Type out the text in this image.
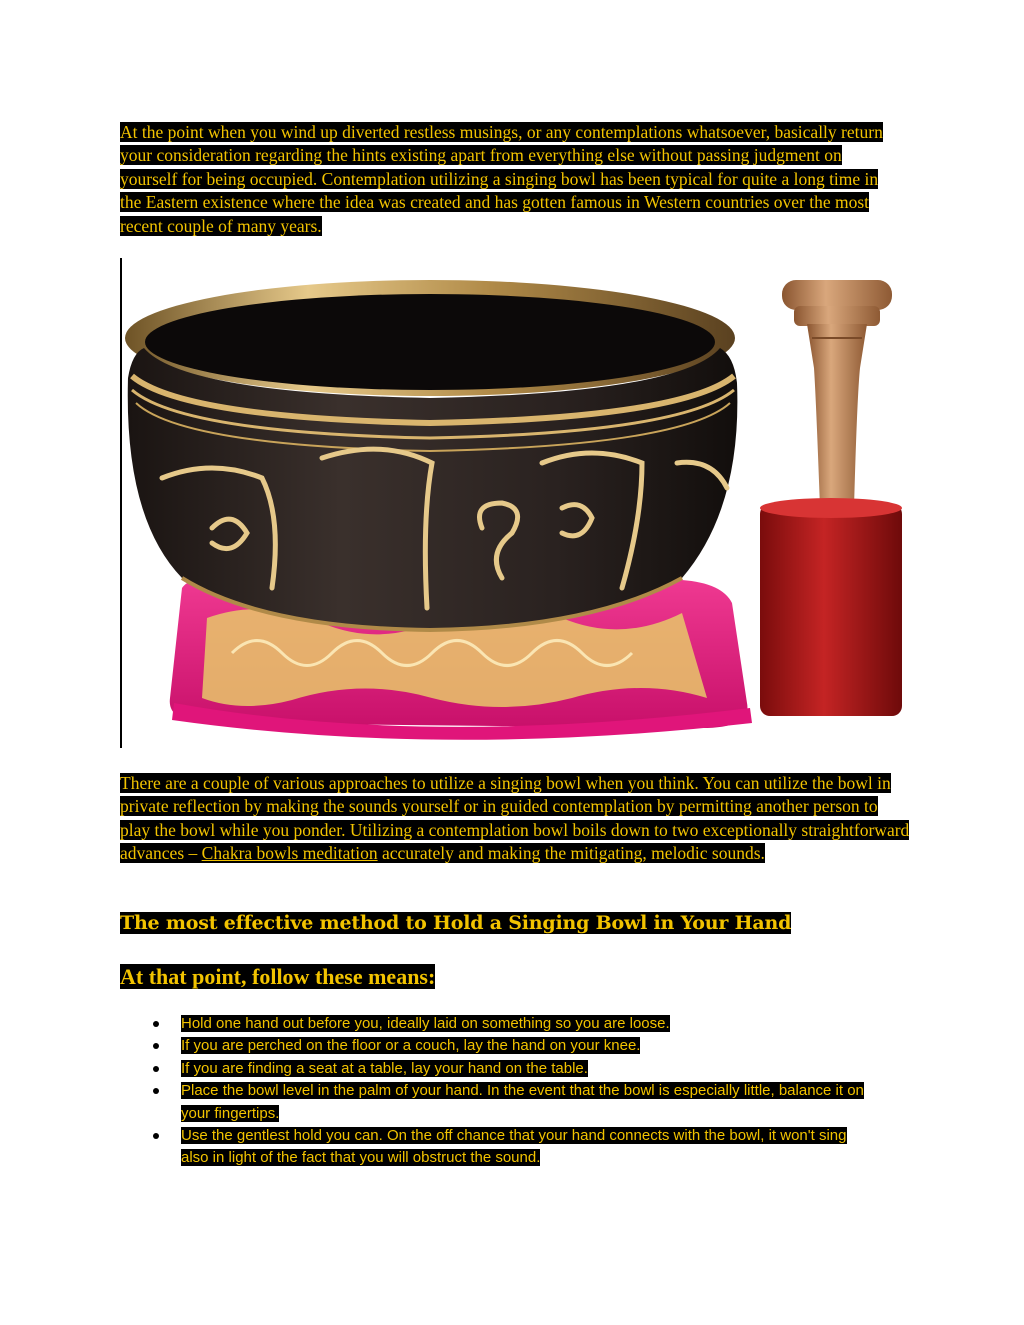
At the point when you wind up diverted restless musings, or any contemplations whatsoever, basically return your consideration regarding the hints existing apart from everything else without passing judgment on yourself for being occupied. Contemplation utilizing a singing bowl has been typical for quite a long time in the Eastern existence where the idea was created and has gotten famous in Western countries over the most recent couple of many years.

There are a couple of various approaches to utilize a singing bowl when you think. You can utilize the bowl in private reflection by making the sounds yourself or in guided contemplation by permitting another person to play the bowl while you ponder. Utilizing a contemplation bowl boils down to two exceptionally straightforward advances – Chakra bowls meditation accurately and making the mitigating, melodic sounds.

The most effective method to Hold a Singing Bowl in Your Hand
At that point, follow these means:
Hold one hand out before you, ideally laid on something so you are loose.
If you are perched on the floor or a couch, lay the hand on your knee.
If you are finding a seat at a table, lay your hand on the table.
Place the bowl level in the palm of your hand. In the event that the bowl is especially little, balance it on your fingertips.
Use the gentlest hold you can. On the off chance that your hand connects with the bowl, it won't sing also in light of the fact that you will obstruct the sound.
